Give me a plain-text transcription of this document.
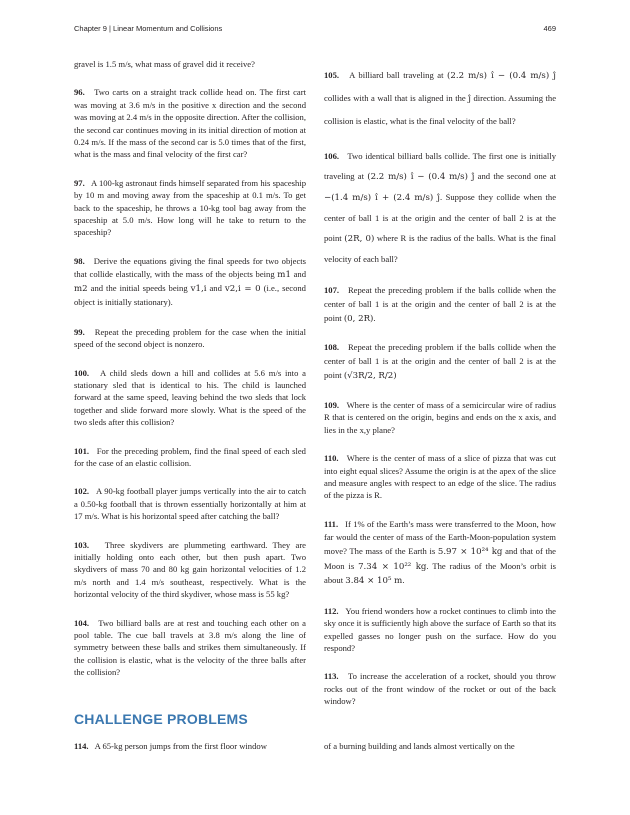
Chapter 9 | Linear Momentum and Collisions	469

gravel is 1.5 m/s, what mass of gravel did it receive?

96. Two carts on a straight track collide head on. The first cart was moving at 3.6 m/s in the positive x direction and the second was moving at 2.4 m/s in the opposite direction. After the collision, the second car continues moving in its initial direction of motion at 0.24 m/s. If the mass of the second car is 5.0 times that of the first, what is the mass and final velocity of the first car?

97. A 100-kg astronaut finds himself separated from his spaceship by 10 m and moving away from the spaceship at 0.1 m/s. To get back to the spaceship, he throws a 10-kg tool bag away from the spaceship at 5.0 m/s. How long will he take to return to the spaceship?

98. Derive the equations giving the final speeds for two objects that collide elastically, with the mass of the objects being m1 and m2 and the initial speeds being v1,i and v2,i = 0 (i.e., second object is initially stationary).

99. Repeat the preceding problem for the case when the initial speed of the second object is nonzero.

100. A child sleds down a hill and collides at 5.6 m/s into a stationary sled that is identical to his. The child is launched forward at the same speed, leaving behind the two sleds that lock together and slide forward more slowly. What is the speed of the two sleds after this collision?

101. For the preceding problem, find the final speed of each sled for the case of an elastic collision.

102. A 90-kg football player jumps vertically into the air to catch a 0.50-kg football that is thrown essentially horizontally at him at 17 m/s. What is his horizontal speed after catching the ball?

103. Three skydivers are plummeting earthward. They are initially holding onto each other, but then push apart. Two skydivers of mass 70 and 80 kg gain horizontal velocities of 1.2 m/s north and 1.4 m/s southeast, respectively. What is the horizontal velocity of the third skydiver, whose mass is 55 kg?

104. Two billiard balls are at rest and touching each other on a pool table. The cue ball travels at 3.8 m/s along the line of symmetry between these balls and strikes them simultaneously. If the collision is elastic, what is the velocity of the three balls after the collision?

105. A billiard ball traveling at (2.2 m/s) î − (0.4 m/s) ĵ collides with a wall that is aligned in the ĵ direction. Assuming the collision is elastic, what is the final velocity of the ball?

106. Two identical billiard balls collide. The first one is initially traveling at (2.2 m/s) î − (0.4 m/s) ĵ and the second one at −(1.4 m/s) î + (2.4 m/s) ĵ. Suppose they collide when the center of ball 1 is at the origin and the center of ball 2 is at the point (2R, 0) where R is the radius of the balls. What is the final velocity of each ball?

107. Repeat the preceding problem if the balls collide when the center of ball 1 is at the origin and the center of ball 2 is at the point (0, 2R).

108. Repeat the preceding problem if the balls collide when the center of ball 1 is at the origin and the center of ball 2 is at the point (√3R/2, R/2)

109. Where is the center of mass of a semicircular wire of radius R that is centered on the origin, begins and ends on the x axis, and lies in the x,y plane?

110. Where is the center of mass of a slice of pizza that was cut into eight equal slices? Assume the origin is at the apex of the slice and measure angles with respect to an edge of the slice. The radius of the pizza is R.

111. If 1% of the Earth’s mass were transferred to the Moon, how far would the center of mass of the Earth-Moon-population system move? The mass of the Earth is 5.97 × 10²⁴ kg and that of the Moon is 7.34 × 10²² kg. The radius of the Moon’s orbit is about 3.84 × 10⁵ m.

112. You friend wonders how a rocket continues to climb into the sky once it is sufficiently high above the surface of Earth so that its expelled gasses no longer push on the surface. How do you respond?

113. To increase the acceleration of a rocket, should you throw rocks out of the front window of the rocket or out of the back window?

CHALLENGE PROBLEMS
114. A 65-kg person jumps from the first floor window	of a burning building and lands almost vertically on the
